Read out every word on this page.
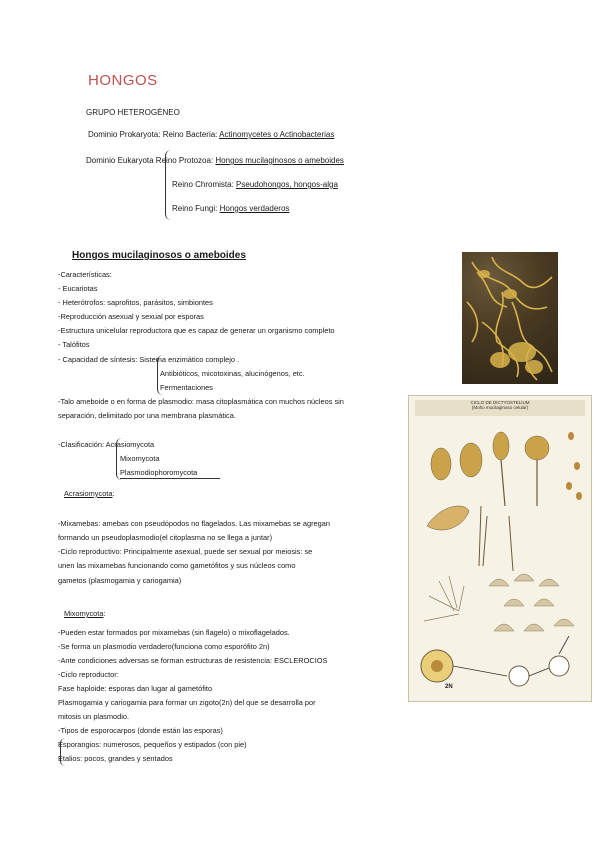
HONGOS
GRUPO HETEROGÉNEO
Dominio Prokaryota: Reino Bacteria: Actinomycetes o Actinobacterias
Dominio Eukaryota Reino Protozoa: Hongos mucilaginosos o ameboides
Reino Chromista: Pseudohongos, hongos-alga
Reino Fungi: Hongos verdaderos
Hongos mucilaginosos o ameboides
-Características:
- Eucariotas
- Heterótrofos: saprofitos, parásitos, simbiontes
-Reproducción asexual y sexual por esporas
-Estructura unicelular reproductora que es capaz de generar un organismo completo
- Talófitos
- Capacidad de síntesis: Sistema enzimático complejo .
Antibióticos, micotoxinas, alucinógenos, etc.
Fermentaciones
-Talo ameboide o en forma de plasmodio: masa citoplasmática con muchos núcleos sin
separación, delimitado por una membrana plasmática.
-Clasificación: Acrasiomycota
Mixomycota
Plasmodiophoromycota
Acrasiomycota:
-Mixamebas: amebas con pseudópodos no flagelados. Las mixamebas se agregan
formando un pseudoplasmodio(el citoplasma no se llega a juntar)
-Ciclo reproductivo: Principalmente asexual, puede ser sexual por meiosis: se
unen las mixamebas funcionando como gametófitos y sus núcleos como
gametos (plasmogamia y cariogamia)
Mixomycota:
-Pueden estar formados por mixamebas (sin flagelo) o mixoflagelados.
-Se forma un plasmodio verdadero(funciona como esporófito 2n)
-Ante condiciones adversas se forman estructuras de resistencia: ESCLEROCIOS
-Ciclo reproductor:
Fase haploide: esporas dan lugar al gametófito
Plasmogamia y cariogamia para formar un zigoto(2n) del que se desarrolla por
mitosis un plasmodio.
-Tipos de esporocarpos (donde están las esporas)
Esporangios: numerosos, pequeños y estipados (con pie)
Etalios: pocos, grandes y sentados
CICLO DE DICTYOSTELIUM
(Moho mucilaginoso celular)
2N
